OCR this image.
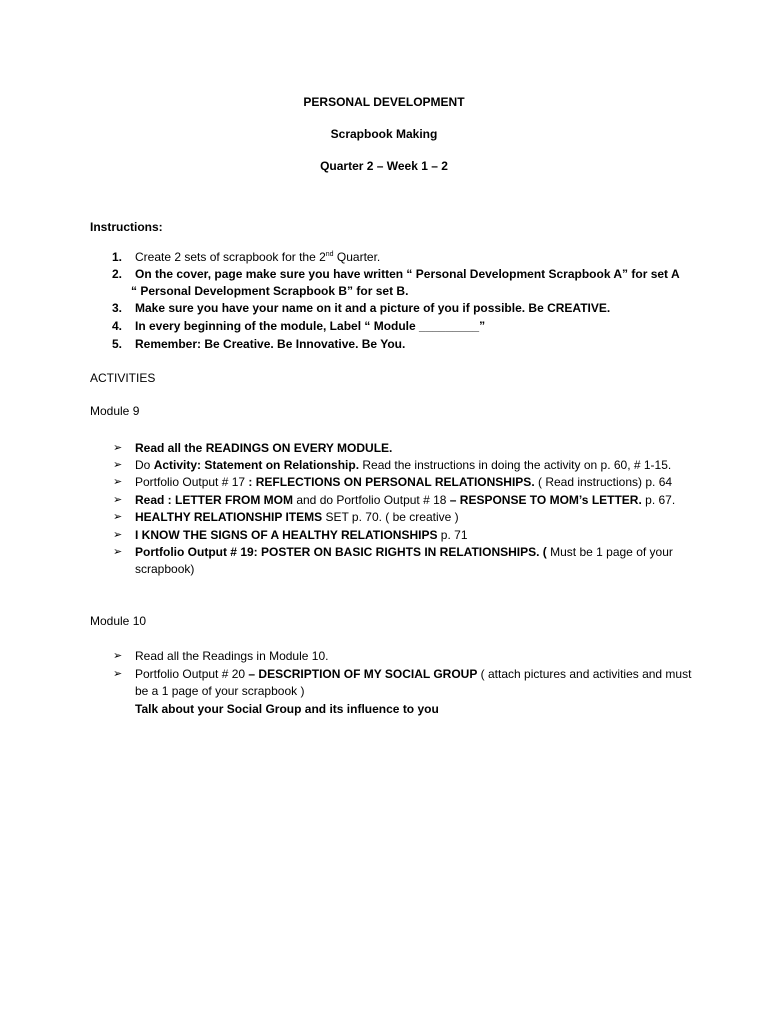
PERSONAL DEVELOPMENT
Scrapbook Making
Quarter 2 – Week 1 – 2
Instructions:
1. Create 2 sets of scrapbook for the 2nd Quarter.
2. On the cover, page make sure you have written “ Personal Development Scrapbook A” for set A
“ Personal Development Scrapbook B” for set B.
3. Make sure you have your name on it and a picture of you if possible. Be CREATIVE.
4. In every beginning of the module, Label “ Module _________”
5. Remember: Be Creative. Be Innovative. Be You.
ACTIVITIES
Module 9
➢ Read all the READINGS ON EVERY MODULE.
➢ Do Activity: Statement on Relationship. Read the instructions in doing the activity on p. 60, # 1-15.
➢ Portfolio Output # 17 : REFLECTIONS ON PERSONAL RELATIONSHIPS. ( Read instructions) p. 64
➢ Read : LETTER FROM MOM and do Portfolio Output # 18 – RESPONSE TO MOM’s LETTER. p. 67.
➢ HEALTHY RELATIONSHIP ITEMS SET p. 70. ( be creative )
➢ I KNOW THE SIGNS OF A HEALTHY RELATIONSHIPS p. 71
➢ Portfolio Output # 19: POSTER ON BASIC RIGHTS IN RELATIONSHIPS. ( Must be 1 page of your
scrapbook)
Module 10
➢ Read all the Readings in Module 10.
➢ Portfolio Output # 20 – DESCRIPTION OF MY SOCIAL GROUP ( attach pictures and activities and must
be a 1 page of your scrapbook )
Talk about your Social Group and its influence to you
